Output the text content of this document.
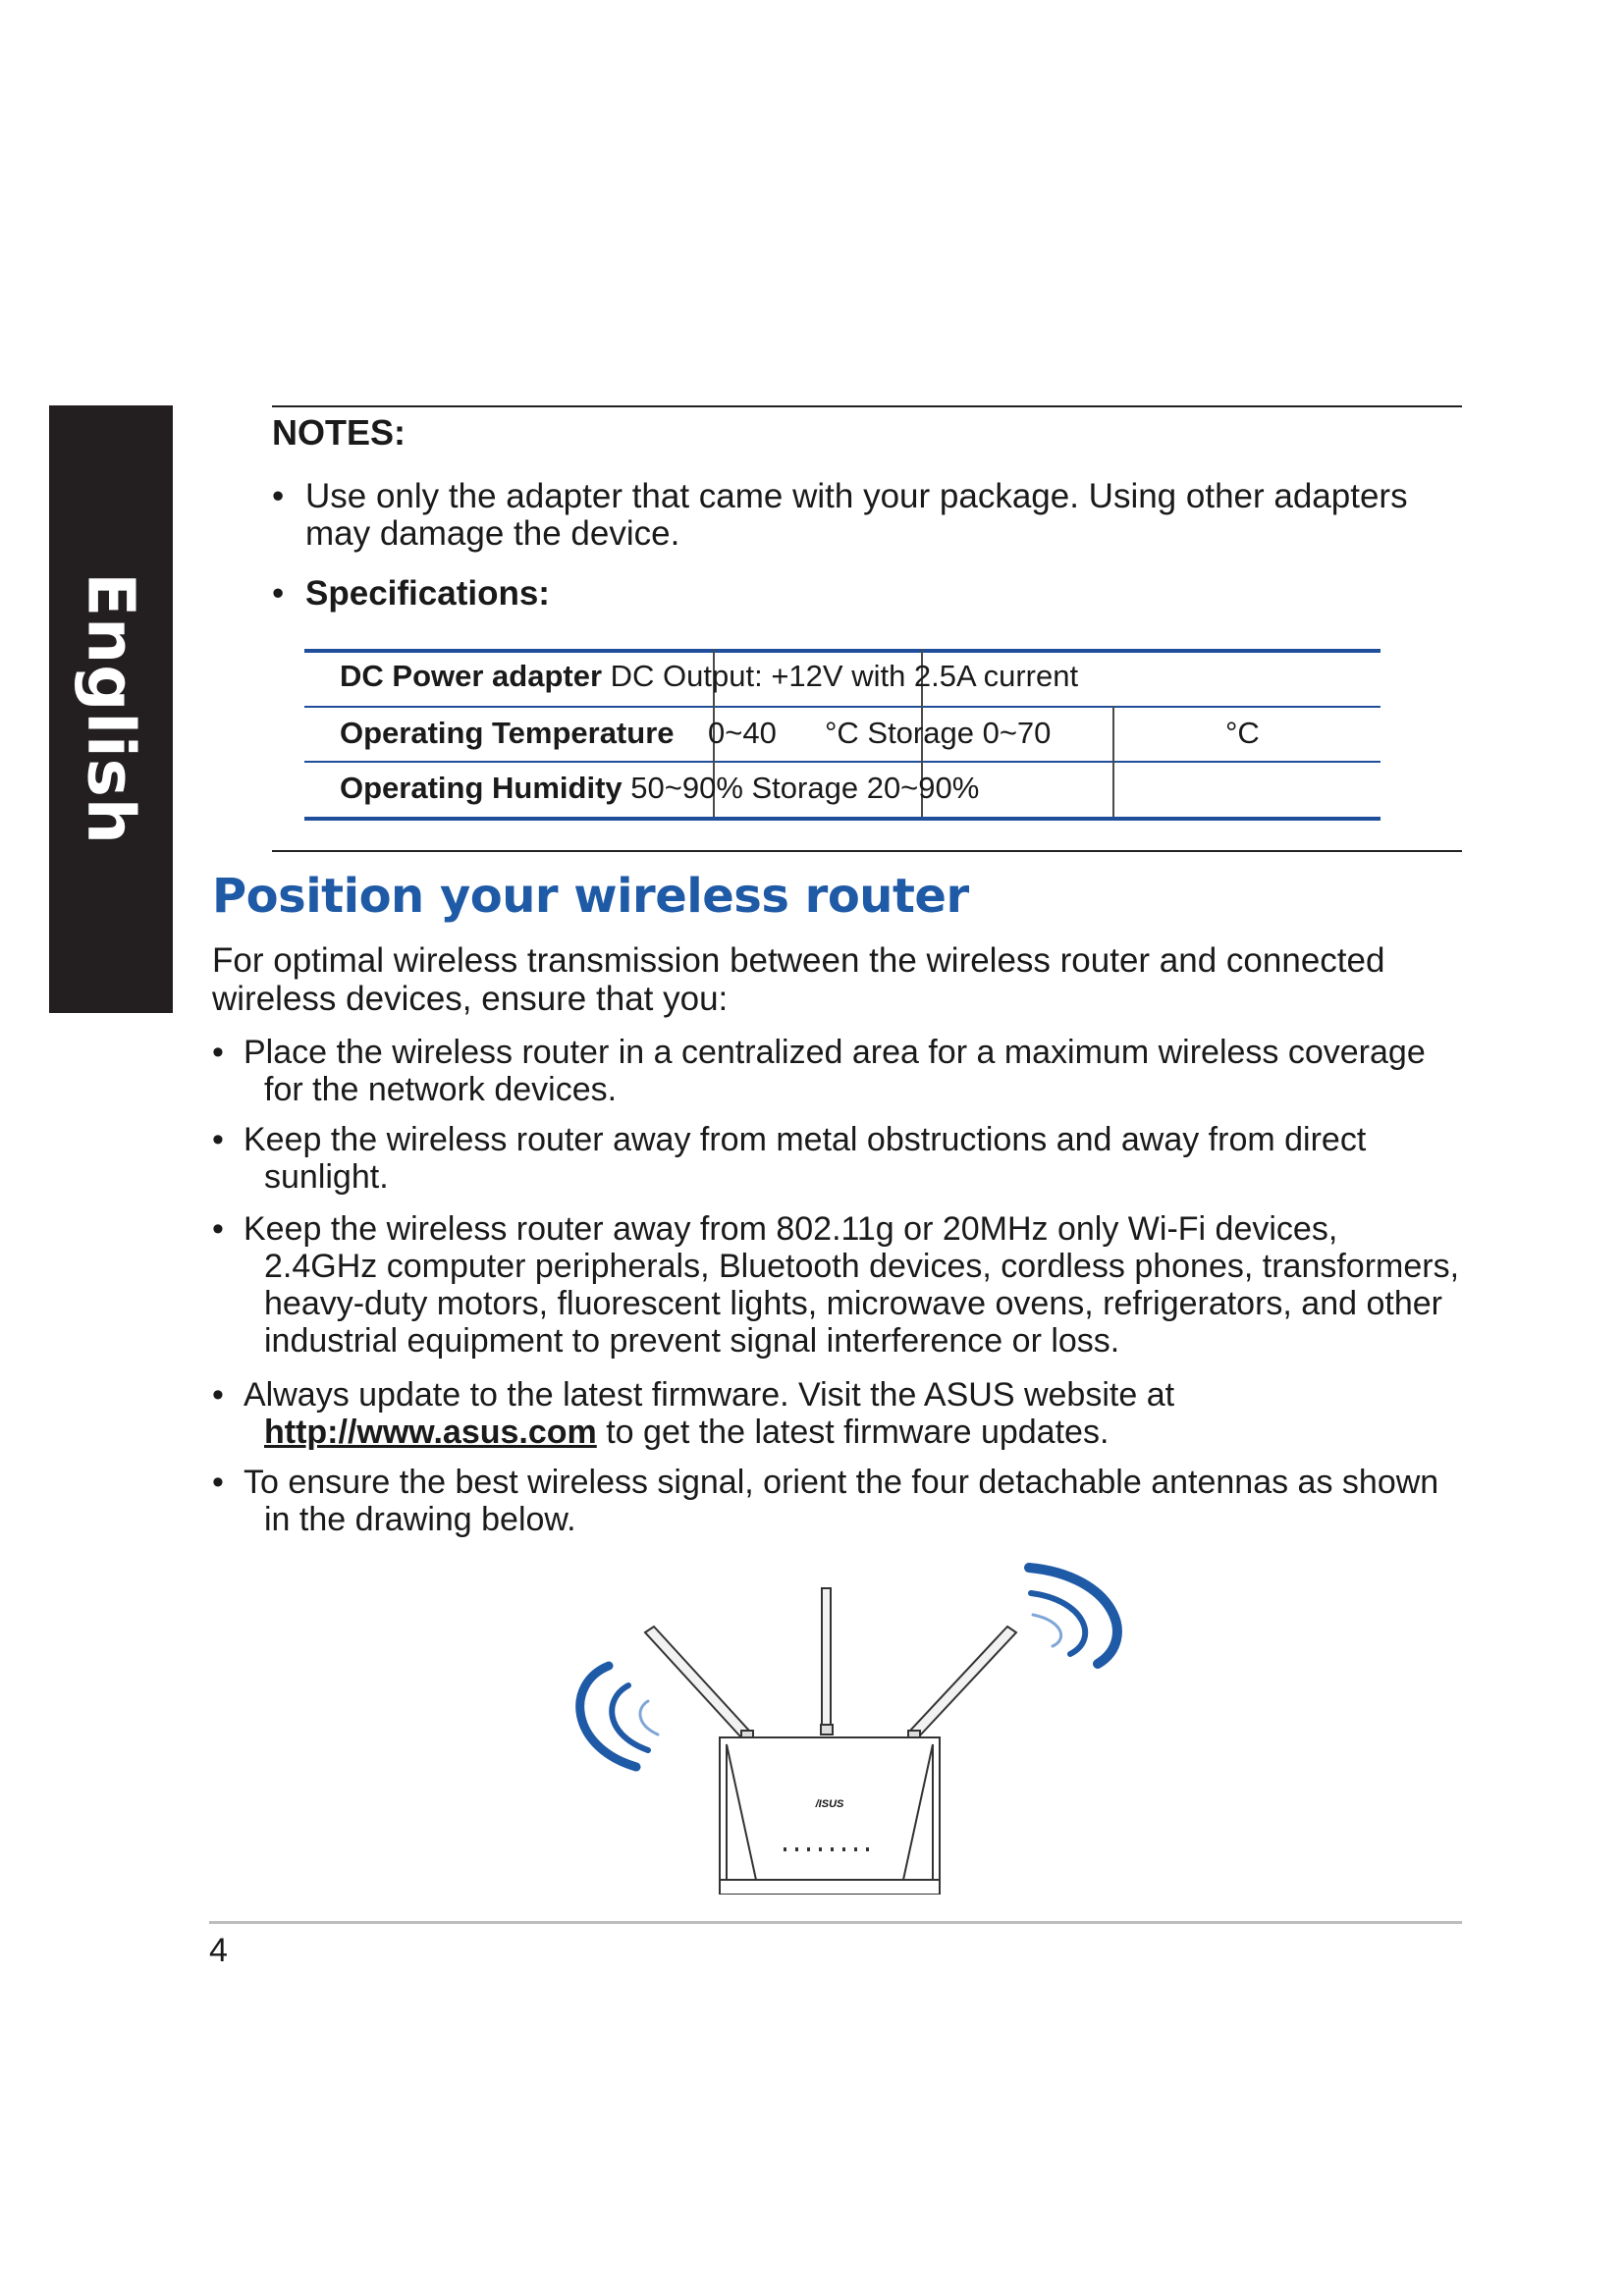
English
NOTES:
• Use only the adapter that came with your package. Using other adapters
may damage the device.
• Specifications:
DC Power adapter DC Output: +12V with 2.5A current
Operating Temperature 0~40 °C Storage 0~70	°C
Operating Humidity 50~90% Storage 20~90%
Position your wireless router
For optimal wireless transmission between the wireless router and connected
wireless devices, ensure that you:
• Place the wireless router in a centralized area for a maximum wireless coverage
for the network devices.
• Keep the wireless router away from metal obstructions and away from direct
sunlight.
• Keep the wireless router away from 802.11g or 20MHz only Wi-Fi devices,
2.4GHz computer peripherals, Bluetooth devices, cordless phones, transformers,
heavy-duty motors, fluorescent lights, microwave ovens, refrigerators, and other
industrial equipment to prevent signal interference or loss.
• Always update to the latest firmware. Visit the ASUS website at
http://www.asus.com to get the latest firmware updates.
• To ensure the best wireless signal, orient the four detachable antennas as shown
in the drawing below.
/ISUS
4
